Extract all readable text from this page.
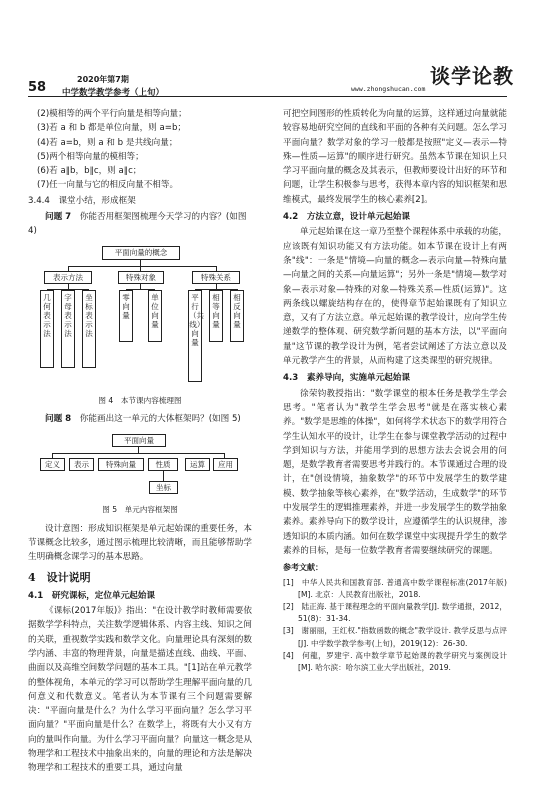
58
2020年第7期
中学数学教学参考（上旬）	www.zhongshucan.com
谈学论教

(2)模相等的两个平行向量是相等向量；

(3)若 a 和 b 都是单位向量，则 a=b；

(4)若 a=b，则 a 和 b 是共线向量；

(5)两个相等向量的模相等；

(6)若 a∥b，b∥c，则 a∥c；

(7)任一向量与它的相反向量不相等。

3.4.4　课堂小结，形成框架

问题 7　 你能否用框架图梳理今天学习的内容？(如图 4)

平面向量的概念
表示方法	特殊对象	特殊关系
几何表示法
字母表示法
坐标表示法
零向量
单位向量
平行（共线）向量
相等向量
相反向量

图 4　本节课内容梳理图

问题 8　 你能画出这一单元的大体框架吗？(如图 5)

平面向量
定义	表示	特殊向量	性质	运算	应用
坐标

图 5　单元内容框架图

设计意图：形成知识框架是单元起始课的重要任务，本节课概念比较多，通过图示梳理比较清晰，而且能够帮助学生明确概念课学习的基本思路。

4　设计说明

4.1　研究课标，定位单元起始课

《课标(2017年版)》指出："在设计教学时教师需要依据数学学科特点，关注数学逻辑体系、内容主线、知识之间的关联，重视数学实践和数学文化。向量理论具有深刻的数学内涵、丰富的物理背景，向量是描述直线、曲线、平面、曲面以及高维空间数学问题的基本工具。"[1]站在单元教学的整体视角，本单元的学习可以帮助学生理解平面向量的几何意义和代数意义。笔者认为本节课有三个问题需要解决："平面向量是什么？为什么学习平面向量？怎么学习平面向量？"平面向量是什么？在数学上，将既有大小又有方向的量叫作向量。为什么学习平面向量？向量这一概念是从物理学和工程技术中抽象出来的，向量的理论和方法是解决物理学和工程技术的重要工具，通过向量

可把空间图形的性质转化为向量的运算，这样通过向量就能较容易地研究空间的直线和平面的各种有关问题。怎么学习平面向量？数学对象的学习一般都是按照"定义—表示—特殊—性质—运算"的顺序进行研究。虽然本节课在知识上只学习平面向量的概念及其表示，但教师要设计出好的环节和问题，让学生积极参与思考，获得本章内容的知识框架和思维模式，最终发展学生的核心素养[2]。

4.2　方法立意，设计单元起始课

单元起始课在这一章乃至整个课程体系中承载的功能，应该既有知识功能又有方法功能。如本节课在设计上有两条"线"：一条是"情境—向量的概念—表示向量—特殊向量—向量之间的关系—向量运算"；另外一条是"情境—数学对象—表示对象—特殊的对象—特殊关系—性质(运算)"。这两条线以螺旋结构存在的，使得章节起始课既有了知识立意，又有了方法立意。单元起始课的教学设计，应向学生传递数学的整体观、研究数学新问题的基本方法，以"平面向量"这节课的教学设计为例，笔者尝试阐述了方法立意以及单元教学产生的背景，从而构建了这类课型的研究规律。

4.3　素养导向，实施单元起始课

徐荣钧教授指出："数学课堂的根本任务是教学生学会思考。"笔者认为"教学生学会思考"就是在落实核心素养。"数学是思维的体操"，如何将学术状态下的数学用符合学生认知水平的设计，让学生在参与课堂教学活动的过程中学到知识与方法，并能用学到的思想方法去会说会用的问题，是数学教育者需要思考并践行的。本节课通过合理的设计，在"创设情境，抽象数学"的环节中发展学生的数学建模、数学抽象等核心素养，在"数学活动，生成数学"的环节中发展学生的逻辑推理素养，并进一步发展学生的数学抽象素养。素养导向下的数学设计，应遵循学生的认识规律，渗透知识的本质内涵。如何在数学课堂中实现提升学生的数学素养的目标，是每一位数学教育者需要继续研究的课题。

参考文献：

[1]　中华人民共和国教育部. 普通高中数学课程标准(2017年版)[M]. 北京：人民教育出版社，2018.

[2]　陆正海. 基于课程理念的平面向量教学[J]. 数学通报，2012，51(8)：31-34.

[3]　谢丽丽，王红权."指数函数的概念"教学设计. 教学反思与点评[J]. 中学数学教学参考(上旬)，2019(12)：26-30.

[4]　何龍，罗建宇. 高中数学章节起始课的教学研究与案例设计[M]. 哈尔滨：哈尔滨工业大学出版社，2019.
